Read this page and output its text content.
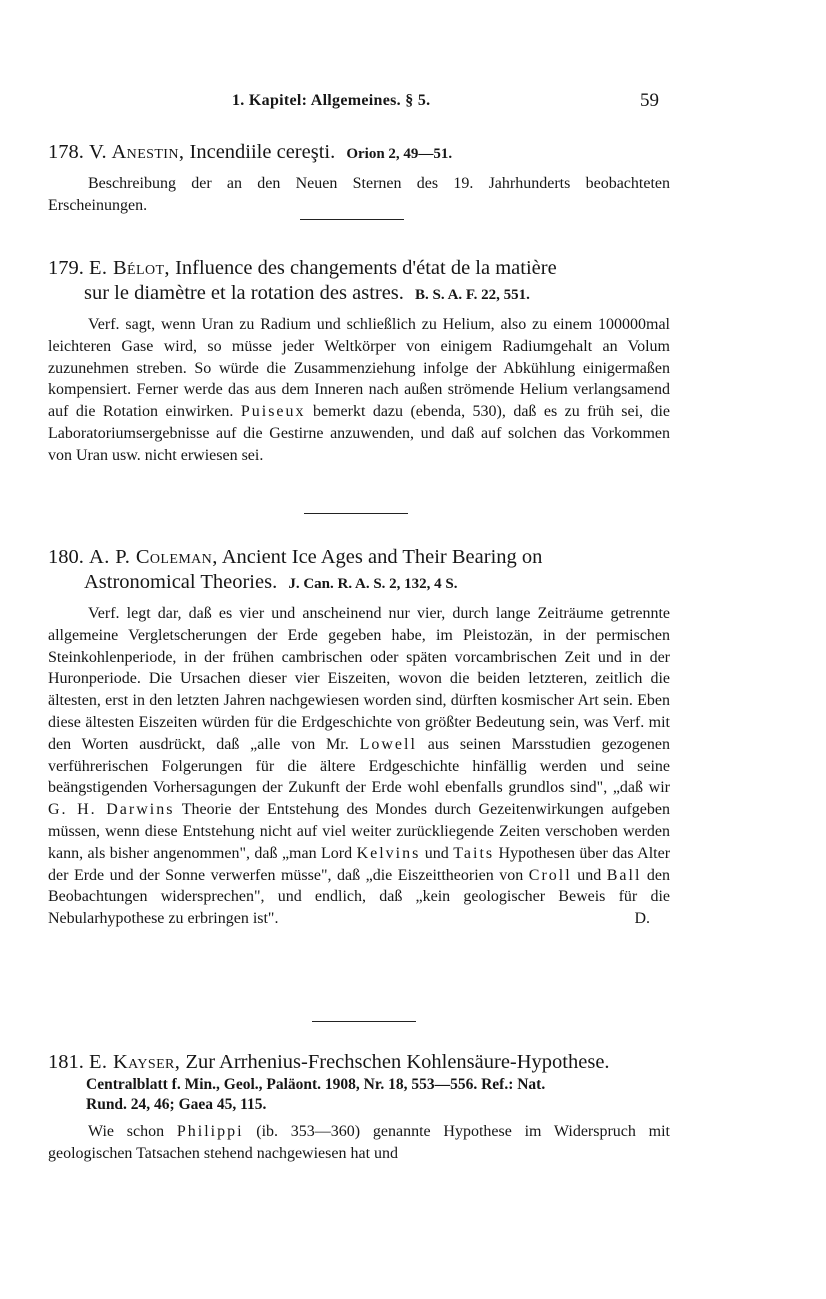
1. Kapitel: Allgemeines. § 5.	59

178. V. Anestin, Incendiile cereşti. Orion 2, 49—51.

Beschreibung der an den Neuen Sternen des 19. Jahrhunderts beobachteten Erscheinungen.

179. E. Bélot, Influence des changements d'état de la matière

sur le diamètre et la rotation des astres. B. S. A. F. 22, 551.

Verf. sagt, wenn Uran zu Radium und schließlich zu Helium, also zu einem 100000mal leichteren Gase wird, so müsse jeder Weltkörper von einigem Radiumgehalt an Volum zuzunehmen streben. So würde die Zusammenziehung infolge der Abkühlung einigermaßen kompensiert. Ferner werde das aus dem Inneren nach außen strömende Helium verlangsamend auf die Rotation einwirken. Puiseux bemerkt dazu (ebenda, 530), daß es zu früh sei, die Laboratoriumsergebnisse auf die Gestirne anzuwenden, und daß auf solchen das Vorkommen von Uran usw. nicht erwiesen sei.

180. A. P. Coleman, Ancient Ice Ages and Their Bearing on

Astronomical Theories. J. Can. R. A. S. 2, 132, 4 S.

Verf. legt dar, daß es vier und anscheinend nur vier, durch lange Zeiträume getrennte allgemeine Vergletscherungen der Erde gegeben habe, im Pleistozän, in der permischen Steinkohlenperiode, in der frühen cambrischen oder späten vorcambrischen Zeit und in der Huronperiode. Die Ursachen dieser vier Eiszeiten, wovon die beiden letzteren, zeitlich die ältesten, erst in den letzten Jahren nachgewiesen worden sind, dürften kosmischer Art sein. Eben diese ältesten Eiszeiten würden für die Erdgeschichte von größter Bedeutung sein, was Verf. mit den Worten ausdrückt, daß „alle von Mr. Lowell aus seinen Marsstudien gezogenen verführerischen Folgerungen für die ältere Erdgeschichte hinfällig werden und seine beängstigenden Vorhersagungen der Zukunft der Erde wohl ebenfalls grundlos sind", „daß wir G. H. Darwins Theorie der Entstehung des Mondes durch Gezeitenwirkungen aufgeben müssen, wenn diese Entstehung nicht auf viel weiter zurückliegende Zeiten verschoben werden kann, als bisher angenommen", daß „man Lord Kelvins und Taits Hypothesen über das Alter der Erde und der Sonne verwerfen müsse", daß „die Eiszeittheorien von Croll und Ball den Beobachtungen widersprechen", und endlich, daß „kein geologischer Beweis für die Nebularhypothese zu erbringen ist".	D.

181. E. Kayser, Zur Arrhenius-Frechschen Kohlensäure-Hypothese.

Centralblatt f. Min., Geol., Paläont. 1908, Nr. 18, 553—556. Ref.: Nat.
Rund. 24, 46; Gaea 45, 115.

Wie schon Philippi (ib. 353—360) genannte Hypothese im Widerspruch mit geologischen Tatsachen stehend nachgewiesen hat und
